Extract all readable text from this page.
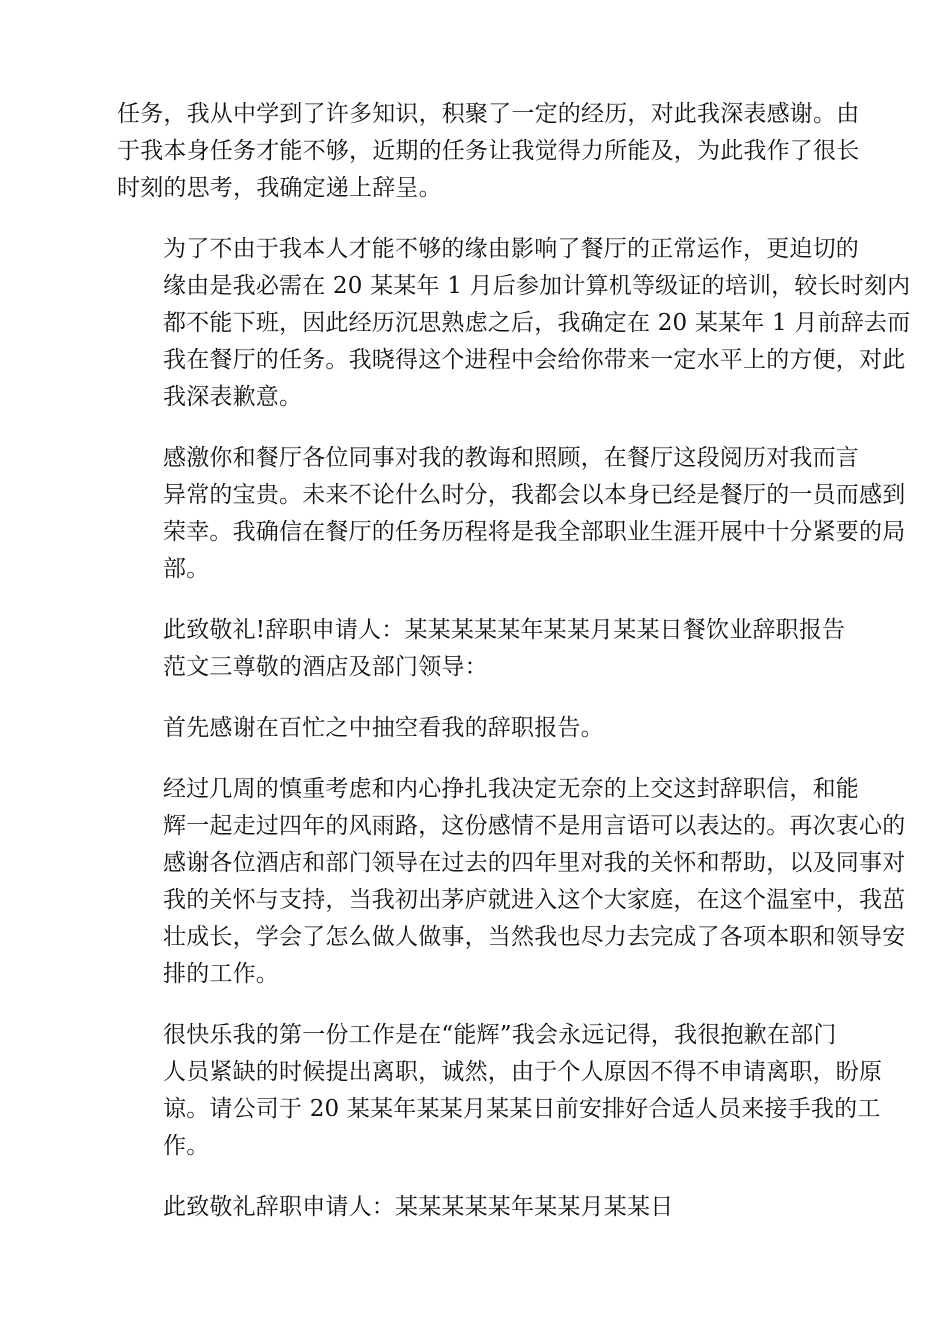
任务，我从中学到了许多知识，积聚了一定的经历，对此我深表感谢。由
于我本身任务才能不够，近期的任务让我觉得力所能及，为此我作了很长
时刻的思考，我确定递上辞呈。

为了不由于我本人才能不够的缘由影响了餐厅的正常运作，更迫切的
缘由是我必需在 20 某某年 1 月后参加计算机等级证的培训，较长时刻内
都不能下班，因此经历沉思熟虑之后，我确定在 20 某某年 1 月前辞去而
我在餐厅的任务。我晓得这个进程中会给你带来一定水平上的方便，对此
我深表歉意。

感激你和餐厅各位同事对我的教诲和照顾，在餐厅这段阅历对我而言
异常的宝贵。未来不论什么时分，我都会以本身已经是餐厅的一员而感到
荣幸。我确信在餐厅的任务历程将是我全部职业生涯开展中十分紧要的局
部。

此致敬礼!辞职申请人：某某某某某年某某月某某日餐饮业辞职报告
范文三尊敬的酒店及部门领导：

首先感谢在百忙之中抽空看我的辞职报告。

经过几周的慎重考虑和内心挣扎我决定无奈的上交这封辞职信，和能
辉一起走过四年的风雨路，这份感情不是用言语可以表达的。再次衷心的
感谢各位酒店和部门领导在过去的四年里对我的关怀和帮助，以及同事对
我的关怀与支持，当我初出茅庐就进入这个大家庭，在这个温室中，我茁
壮成长，学会了怎么做人做事，当然我也尽力去完成了各项本职和领导安
排的工作。

很快乐我的第一份工作是在“能辉”我会永远记得，我很抱歉在部门
人员紧缺的时候提出离职，诚然，由于个人原因不得不申请离职，盼原
谅。请公司于 20 某某年某某月某某日前安排好合适人员来接手我的工
作。

此致敬礼辞职申请人：某某某某某年某某月某某日
